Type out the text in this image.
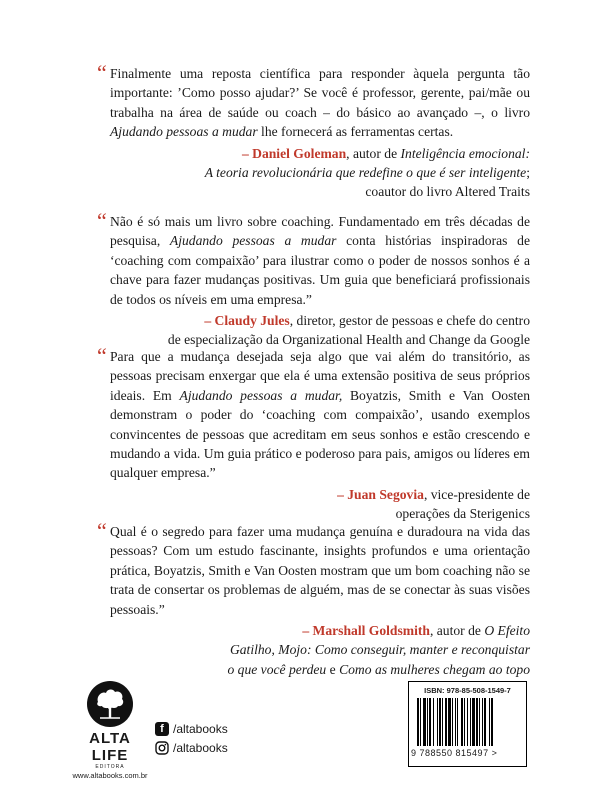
“ Finalmente uma reposta científica para responder àquela pergunta tão importante: ’Como posso ajudar?’ Se você é professor, gerente, pai/mãe ou trabalha na área de saúde ou coach – do básico ao avançado –, o livro Ajudando pessoas a mudar lhe fornecerá as ferramentas certas.

– Daniel Goleman, autor de Inteligência emocional:
A teoria revolucionária que redefine o que é ser inteligente;
coautor do livro Altered Traits
“ Não é só mais um livro sobre coaching. Fundamentado em três décadas de pesquisa, Ajudando pessoas a mudar conta histórias inspiradoras de ‘coaching com compaixão’ para ilustrar como o poder de nossos sonhos é a chave para fazer mudanças positivas. Um guia que beneficiará profissionais de todos os níveis em uma empresa.”

– Claudy Jules, diretor, gestor de pessoas e chefe do centro
de especialização da Organizational Health and Change da Google
“ Para que a mudança desejada seja algo que vai além do transitório, as pessoas precisam enxergar que ela é uma extensão positiva de seus próprios ideais. Em Ajudando pessoas a mudar, Boyatzis, Smith e Van Oosten demonstram o poder do ‘coaching com compaixão’, usando exemplos convincentes de pessoas que acreditam em seus sonhos e estão crescendo e mudando a vida. Um guia prático e poderoso para pais, amigos ou líderes em qualquer empresa.”

– Juan Segovia, vice-presidente de
operações da Sterigenics
“ Qual é o segredo para fazer uma mudança genuína e duradoura na vida das pessoas? Com um estudo fascinante, insights profundos e uma orientação prática, Boyatzis, Smith e Van Oosten mostram que um bom coaching não se trata de consertar os problemas de alguém, mas de se conectar às suas visões pessoais.”

– Marshall Goldsmith, autor de O Efeito
Gatilho, Mojo: Como conseguir, manter e reconquistar
o que você perdeu e Como as mulheres chegam ao topo
ALTA LIFE
EDITORA
www.altabooks.com.br
f /altabooks
/altabooks
ISBN: 978-85-508-1549-7
9 788550 815497 >
